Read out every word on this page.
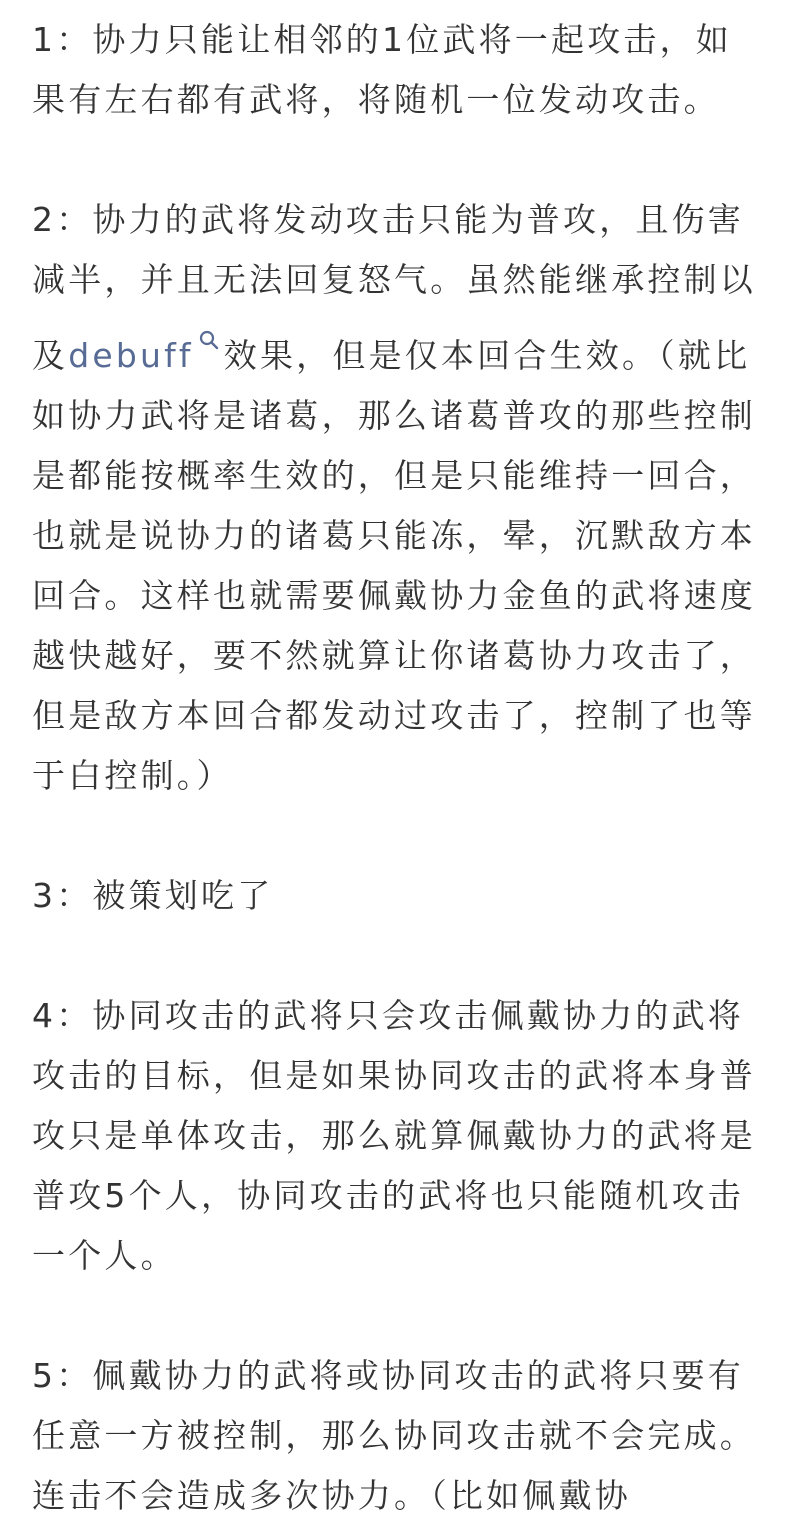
1：协力只能让相邻的1位武将一起攻击，如果有左右都有武将，将随机一位发动攻击。

2：协力的武将发动攻击只能为普攻，且伤害减半，并且无法回复怒气。虽然能继承控制以及debuff 效果，但是仅本回合生效。（就比如协力武将是诸葛，那么诸葛普攻的那些控制是都能按概率生效的，但是只能维持一回合，也就是说协力的诸葛只能冻，晕，沉默敌方本回合。这样也就需要佩戴协力金鱼的武将速度越快越好，要不然就算让你诸葛协力攻击了，但是敌方本回合都发动过攻击了，控制了也等于白控制。）

3：被策划吃了

4：协同攻击的武将只会攻击佩戴协力的武将攻击的目标，但是如果协同攻击的武将本身普攻只是单体攻击，那么就算佩戴协力的武将是普攻5个人，协同攻击的武将也只能随机攻击一个人。

5：佩戴协力的武将或协同攻击的武将只要有任意一方被控制，那么协同攻击就不会完成。连击不会造成多次协力。（比如佩戴协
